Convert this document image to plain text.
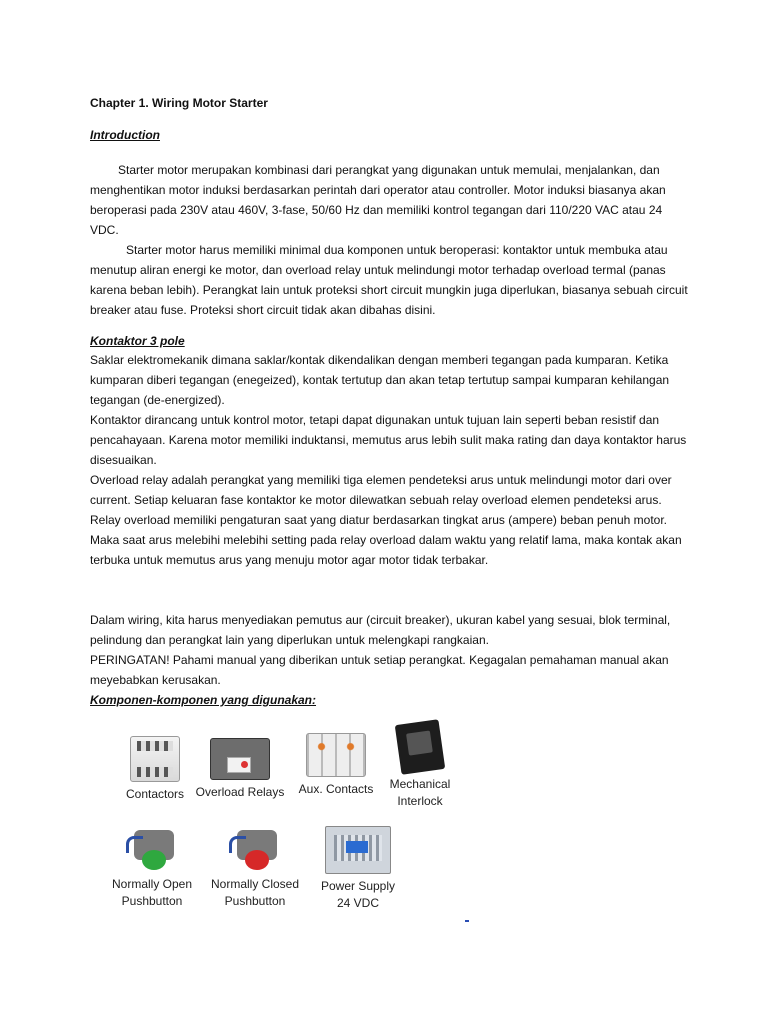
Chapter 1. Wiring Motor Starter
Introduction

Starter motor merupakan kombinasi dari perangkat yang digunakan untuk memulai, menjalankan, dan menghentikan motor induksi berdasarkan perintah dari operator atau controller. Motor induksi biasanya akan beroperasi pada 230V atau 460V, 3-fase, 50/60 Hz dan memiliki kontrol tegangan dari 110/220 VAC atau 24 VDC.

Starter motor harus memiliki minimal dua komponen untuk beroperasi: kontaktor untuk membuka atau menutup aliran energi ke motor, dan overload relay untuk melindungi motor terhadap overload termal (panas karena beban lebih). Perangkat lain untuk proteksi short circuit mungkin juga diperlukan, biasanya sebuah circuit breaker atau fuse. Proteksi short circuit tidak akan dibahas disini.

Kontaktor 3 pole

Saklar elektromekanik dimana saklar/kontak dikendalikan dengan memberi tegangan pada kumparan. Ketika kumparan diberi tegangan (enegeized), kontak tertutup dan akan tetap tertutup sampai kumparan kehilangan tegangan (de-energized).

Kontaktor dirancang untuk kontrol motor, tetapi dapat digunakan untuk tujuan lain seperti beban resistif dan pencahayaan. Karena motor memiliki induktansi, memutus arus lebih sulit maka rating dan daya kontaktor harus disesuaikan.

Overload relay adalah perangkat yang memiliki tiga elemen pendeteksi arus untuk melindungi motor dari over current. Setiap keluaran fase kontaktor ke motor dilewatkan sebuah relay overload elemen pendeteksi arus. Relay overload memiliki pengaturan saat yang diatur berdasarkan tingkat arus (ampere) beban penuh motor. Maka saat arus melebihi melebihi setting pada relay overload dalam waktu yang relatif lama, maka kontak akan terbuka untuk memutus arus yang menuju motor agar motor tidak terbakar.

Dalam wiring, kita harus menyediakan pemutus aur (circuit breaker), ukuran kabel yang sesuai, blok terminal, pelindung dan perangkat lain yang diperlukan untuk melengkapi rangkaian.

PERINGATAN! Pahami manual yang diberikan untuk setiap perangkat. Kegagalan pemahaman manual akan meyebabkan kerusakan.

Komponen-komponen yang digunakan:
Contactors Overload Relays	Aux. Contacts	Mechanical
Interlock
Normally Open
Pushbutton
Normally Closed
Pushbutton
Power Supply
24 VDC
